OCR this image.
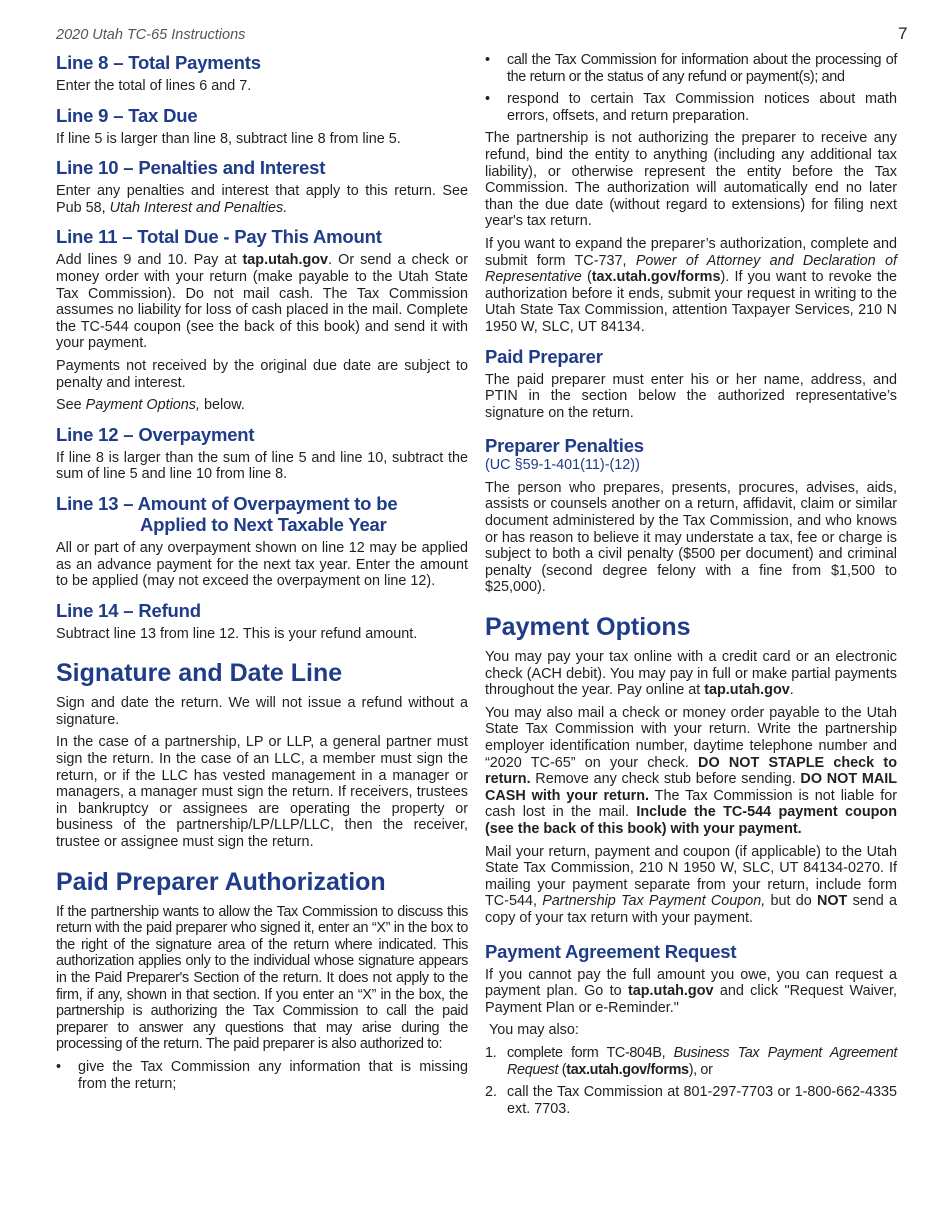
2020 Utah TC-65 Instructions	7
Line 8 – Total Payments

Enter the total of lines 6 and 7.

Line 9 – Tax Due

If line 5 is larger than line 8, subtract line 8 from line 5.

Line 10 – Penalties and Interest

Enter any penalties and interest that apply to this return. See Pub 58, Utah Interest and Penalties.

Line 11 – Total Due - Pay This Amount

Add lines 9 and 10. Pay at tap.utah.gov. Or send a check or money order with your return (make payable to the Utah State Tax Commission). Do not mail cash. The Tax Commission assumes no liability for loss of cash placed in the mail. Complete the TC-544 coupon (see the back of this book) and send it with your payment.

Payments not received by the original due date are subject to penalty and interest.

See Payment Options, below.

Line 12 – Overpayment

If line 8 is larger than the sum of line 5 and line 10, subtract the sum of line 5 and line 10 from line 8.

Line 13 – Amount of Overpayment to be
Applied to Next Taxable Year

All or part of any overpayment shown on line 12 may be applied as an advance payment for the next tax year. Enter the amount to be applied (may not exceed the overpayment on line 12).

Line 14 – Refund

Subtract line 13 from line 12. This is your refund amount.

Signature and Date Line

Sign and date the return. We will not issue a refund without a signature.

In the case of a partnership, LP or LLP, a general partner must sign the return. In the case of an LLC, a member must sign the return, or if the LLC has vested management in a manager or managers, a manager must sign the return. If receivers, trustees in bankruptcy or assignees are operating the property or business of the partnership/LP/LLP/LLC, then the receiver, trustee or assignee must sign the return.

Paid Preparer Authorization

If the partnership wants to allow the Tax Commission to discuss this return with the paid preparer who signed it, enter an “X” in the box to the right of the signature area of the return where indicated. This authorization applies only to the individual whose signature appears in the Paid Preparer's Section of the return. It does not apply to the firm, if any, shown in that section. If you enter an “X” in the box, the partnership is authorizing the Tax Commission to call the paid preparer to answer any questions that may arise during the processing of the return. The paid preparer is also authorized to:

• give the Tax Commission any information that is missing from the return;
• call the Tax Commission for information about the processing of the return or the status of any refund or payment(s); and
• respond to certain Tax Commission notices about math errors, offsets, and return preparation.

The partnership is not authorizing the preparer to receive any refund, bind the entity to anything (including any additional tax liability), or otherwise represent the entity before the Tax Commission. The authorization will automatically end no later than the due date (without regard to extensions) for filing next year's tax return.

If you want to expand the preparer’s authorization, complete and submit form TC-737, Power of Attorney and Declaration of Representative (tax.utah.gov/forms). If you want to revoke the authorization before it ends, submit your request in writing to the Utah State Tax Commission, attention Taxpayer Services, 210 N 1950 W, SLC, UT 84134.

Paid Preparer

The paid preparer must enter his or her name, address, and PTIN in the section below the authorized representative’s signature on the return.

Preparer Penalties
(UC §59-1-401(11)-(12))

The person who prepares, presents, procures, advises, aids, assists or counsels another on a return, affidavit, claim or similar document administered by the Tax Commission, and who knows or has reason to believe it may understate a tax, fee or charge is subject to both a civil penalty ($500 per document) and criminal penalty (second degree felony with a fine from $1,500 to $25,000).

Payment Options

You may pay your tax online with a credit card or an electronic check (ACH debit). You may pay in full or make partial payments throughout the year. Pay online at tap.utah.gov.

You may also mail a check or money order payable to the Utah State Tax Commission with your return. Write the partnership employer identification number, daytime telephone number and “2020 TC-65” on your check. DO NOT STAPLE check to return. Remove any check stub before sending. DO NOT MAIL CASH with your return. The Tax Commission is not liable for cash lost in the mail. Include the TC-544 payment coupon (see the back of this book) with your payment.

Mail your return, payment and coupon (if applicable) to the Utah State Tax Commission, 210 N 1950 W, SLC, UT 84134-0270. If mailing your payment separate from your return, include form TC-544, Partnership Tax Payment Coupon, but do NOT send a copy of your tax return with your payment.

Payment Agreement Request

If you cannot pay the full amount you owe, you can request a payment plan. Go to tap.utah.gov and click "Request Waiver, Payment Plan or e-Reminder."

You may also:

1. complete form TC-804B, Business Tax Payment Agreement Request (tax.utah.gov/forms), or
2. call the Tax Commission at 801-297-7703 or 1-800-662-4335 ext. 7703.
